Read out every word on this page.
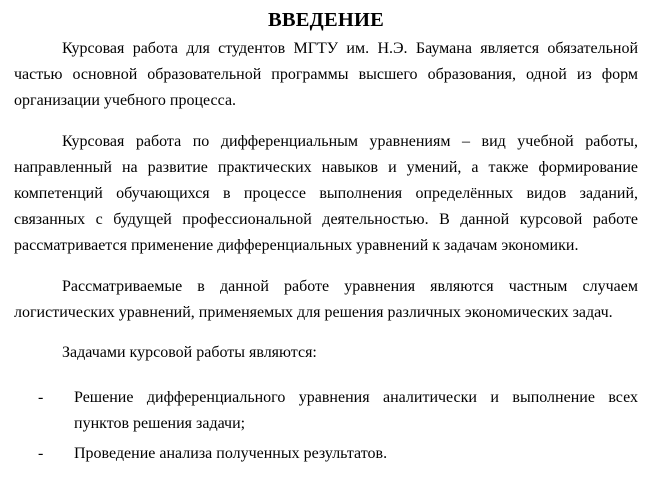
ВВЕДЕНИЕ

Курсовая работа для студентов МГТУ им. Н.Э. Баумана является обязательной частью основной образовательной программы высшего образования, одной из форм организации учебного процесса.

Курсовая работа по дифференциальным уравнениям – вид учебной работы, направленный на развитие практических навыков и умений, а также формирование компетенций обучающихся в процессе выполнения определённых видов заданий, связанных с будущей профессиональной деятельностью. В данной курсовой работе рассматривается применение дифференциальных уравнений к задачам экономики.

Рассматриваемые в данной работе уравнения являются частным случаем логистических уравнений, применяемых для решения различных экономических задач.

Задачами курсовой работы являются:

- Решение дифференциального уравнения аналитически и выполнение всех пунктов решения задачи;
- Проведение анализа полученных результатов.
